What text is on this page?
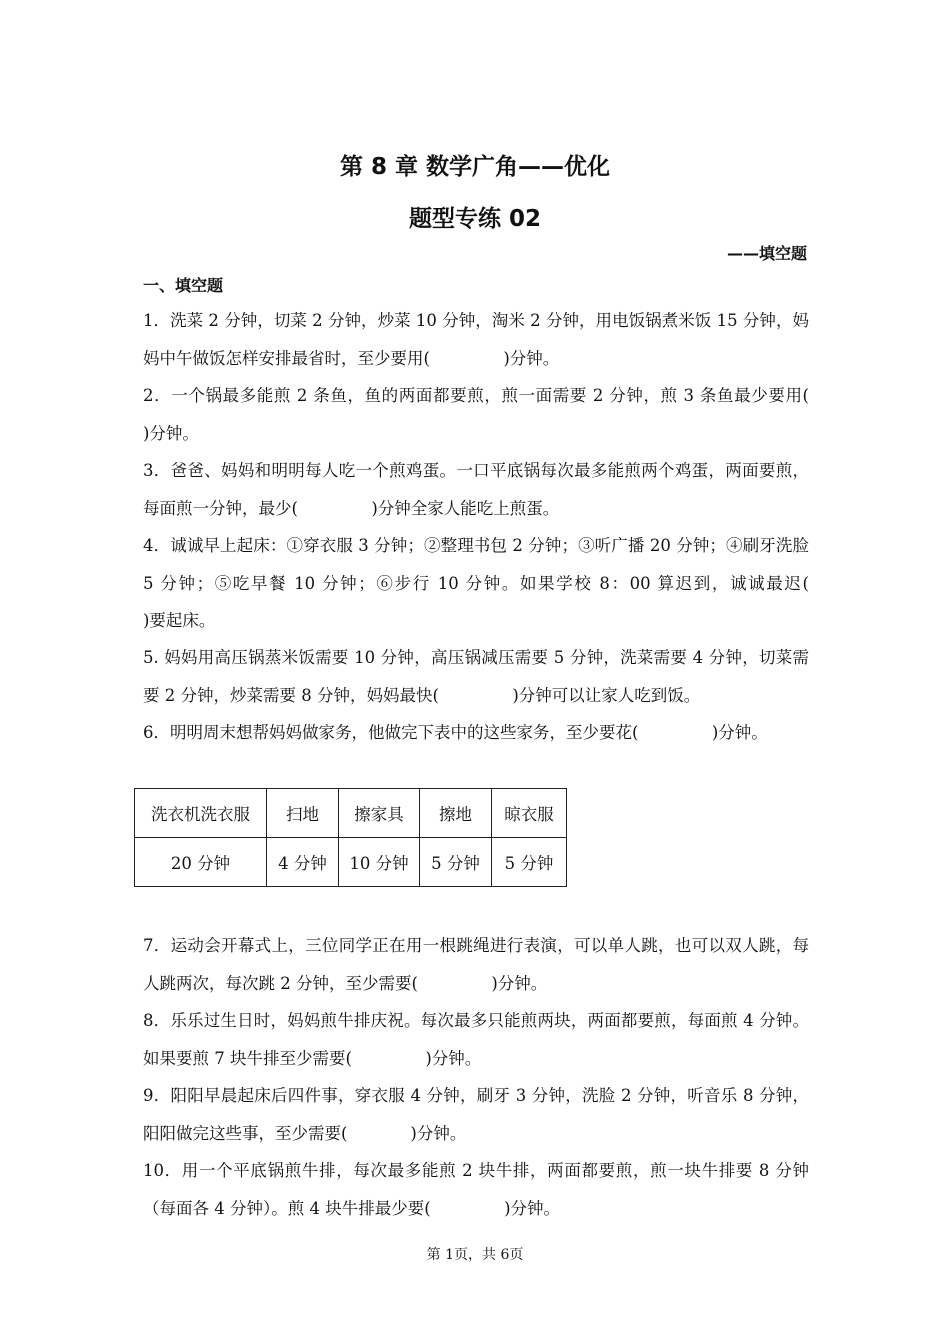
第 8 章 数学广角——优化
题型专练 02
——填空题
一、填空题

1．洗菜 2 分钟，切菜 2 分钟，炒菜 10 分钟，淘米 2 分钟，用电饭锅煮米饭 15 分钟，妈妈中午做饭怎样安排最省时，至少要用(              )分钟。

2．一个锅最多能煎 2 条鱼，鱼的两面都要煎，煎一面需要 2 分钟，煎 3 条鱼最少要用(            )分钟。

3．爸爸、妈妈和明明每人吃一个煎鸡蛋。一口平底锅每次最多能煎两个鸡蛋，两面要煎，每面煎一分钟，最少(              )分钟全家人能吃上煎蛋。

4．诚诚早上起床：①穿衣服 3 分钟；②整理书包 2 分钟；③听广播 20 分钟；④刷牙洗脸 5 分钟；⑤吃早餐 10 分钟；⑥步行 10 分钟。如果学校 8：00 算迟到，诚诚最迟(              )要起床。

5. 妈妈用高压锅蒸米饭需要 10 分钟，高压锅减压需要 5 分钟，洗菜需要 4 分钟，切菜需要 2 分钟，炒菜需要 8 分钟，妈妈最快(              )分钟可以让家人吃到饭。

6．明明周末想帮妈妈做家务，他做完下表中的这些家务，至少要花(              )分钟。

洗衣机洗衣服	扫地	擦家具	擦地	晾衣服
20 分钟	4 分钟	10 分钟	5 分钟	5 分钟

7．运动会开幕式上，三位同学正在用一根跳绳进行表演，可以单人跳，也可以双人跳，每人跳两次，每次跳 2 分钟，至少需要(              )分钟。

8．乐乐过生日时，妈妈煎牛排庆祝。每次最多只能煎两块，两面都要煎，每面煎 4 分钟。如果要煎 7 块牛排至少需要(              )分钟。

9．阳阳早晨起床后四件事，穿衣服 4 分钟，刷牙 3 分钟，洗脸 2 分钟，听音乐 8 分钟，阳阳做完这些事，至少需要(            )分钟。

10．用一个平底锅煎牛排，每次最多能煎 2 块牛排，两面都要煎，煎一块牛排要 8 分钟（每面各 4 分钟）。煎 4 块牛排最少要(              )分钟。

第 1页，共 6页
